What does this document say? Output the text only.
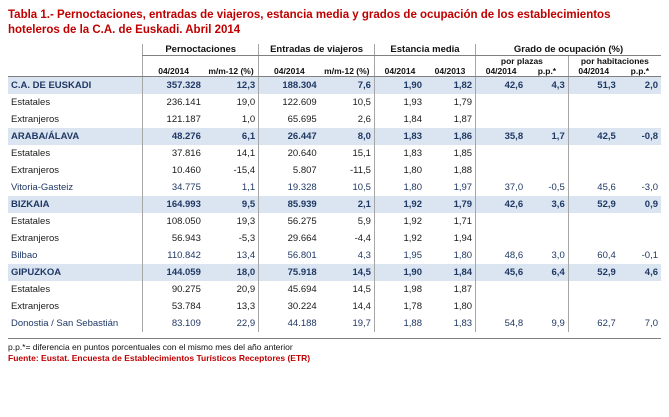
Tabla 1.- Pernoctaciones, entradas de viajeros, estancia media y grados de ocupación de los establecimientos hoteleros de la C.A. de Euskadi. Abril 2014
	Pernoctaciones		Entradas de viajeros		Estancia media		Grado de ocupación (%)			
							por plazas		por habitaciones	
	04/2014	m/m-12 (%)	04/2014	m/m-12 (%)	04/2014	04/2013	04/2014	p.p.*	04/2014	p.p.*
C.A. DE EUSKADI	357.328	12,3	188.304	7,6	1,90	1,82	42,6	4,3	51,3	2,0
Estatales	236.141	19,0	122.609	10,5	1,93	1,79				
Extranjeros	121.187	1,0	65.695	2,6	1,84	1,87				
ARABA/ÁLAVA	48.276	6,1	26.447	8,0	1,83	1,86	35,8	1,7	42,5	-0,8
Estatales	37.816	14,1	20.640	15,1	1,83	1,85				
Extranjeros	10.460	-15,4	5.807	-11,5	1,80	1,88				
Vitoria-Gasteiz	34.775	1,1	19.328	10,5	1,80	1,97	37,0	-0,5	45,6	-3,0
BIZKAIA	164.993	9,5	85.939	2,1	1,92	1,79	42,6	3,6	52,9	0,9
Estatales	108.050	19,3	56.275	5,9	1,92	1,71				
Extranjeros	56.943	-5,3	29.664	-4,4	1,92	1,94				
Bilbao	110.842	13,4	56.801	4,3	1,95	1,80	48,6	3,0	60,4	-0,1
GIPUZKOA	144.059	18,0	75.918	14,5	1,90	1,84	45,6	6,4	52,9	4,6
Estatales	90.275	20,9	45.694	14,5	1,98	1,87				
Extranjeros	53.784	13,3	30.224	14,4	1,78	1,80				
Donostia / San Sebastián	83.109	22,9	44.188	19,7	1,88	1,83	54,8	9,9	62,7	7,0
p.p.*= diferencia en puntos porcentuales con el mismo mes del año anterior
Fuente: Eustat. Encuesta de Establecimientos Turísticos Receptores (ETR)
